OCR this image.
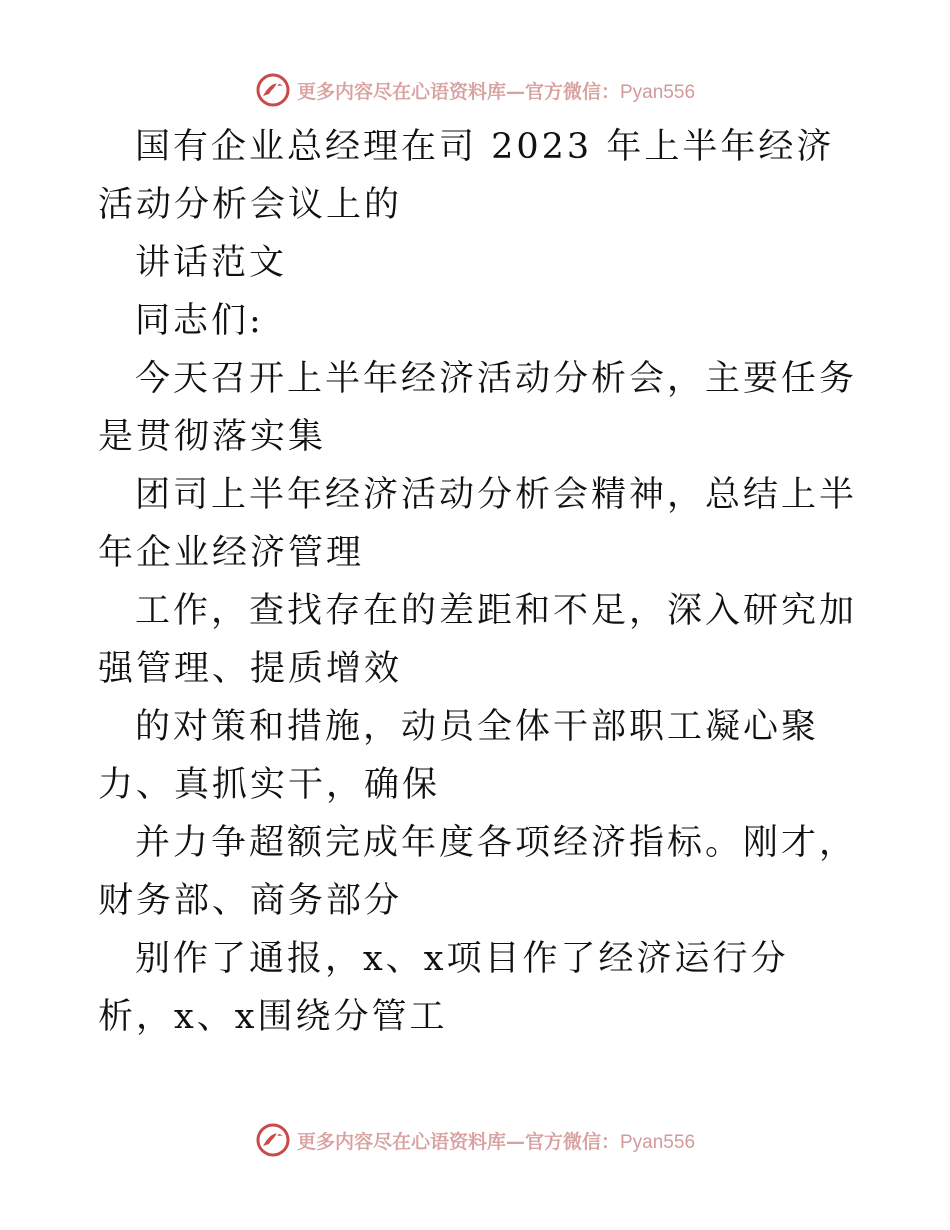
更多内容尽在心语资料库—官方微信：Pyan556

国有企业总经理在司 2023 年上半年经济活动分析会议上的

讲话范文

同志们:

今天召开上半年经济活动分析会，主要任务是贯彻落实集

团司上半年经济活动分析会精神，总结上半年企业经济管理

工作，查找存在的差距和不足，深入研究加强管理、提质增效

的对策和措施，动员全体干部职工凝心聚力、真抓实干，确保

并力争超额完成年度各项经济指标。刚才，财务部、商务部分

别作了通报，x、x项目作了经济运行分析，x、x围绕分管工

更多内容尽在心语资料库—官方微信：Pyan556
